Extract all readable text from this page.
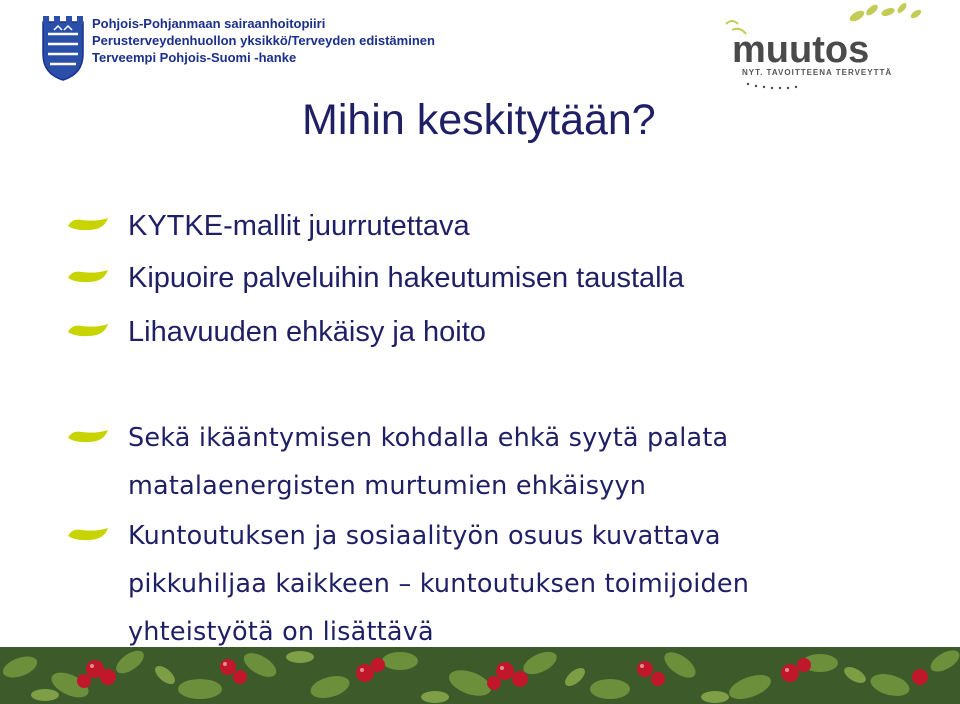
Pohjois-Pohjanmaan sairaanhoitopiiri
Perusterveydenhuollon yksikkö/Terveyden edistäminen
Terveempi Pohjois-Suomi -hanke	muutos
NYT. TAVOITTEENA TERVEYTTÄ
Mihin keskitytään?
KYTKE-mallit juurrutettava
Kipuoire palveluihin hakeutumisen taustalla
Lihavuuden ehkäisy ja hoito
Sekä ikääntymisen kohdalla ehkä syytä palata
matalaenergisten murtumien ehkäisyyn
Kuntoutuksen ja sosiaalityön osuus kuvattava
pikkuhiljaa kaikkeen – kuntoutuksen toimijoiden
yhteistyötä on lisättävä
